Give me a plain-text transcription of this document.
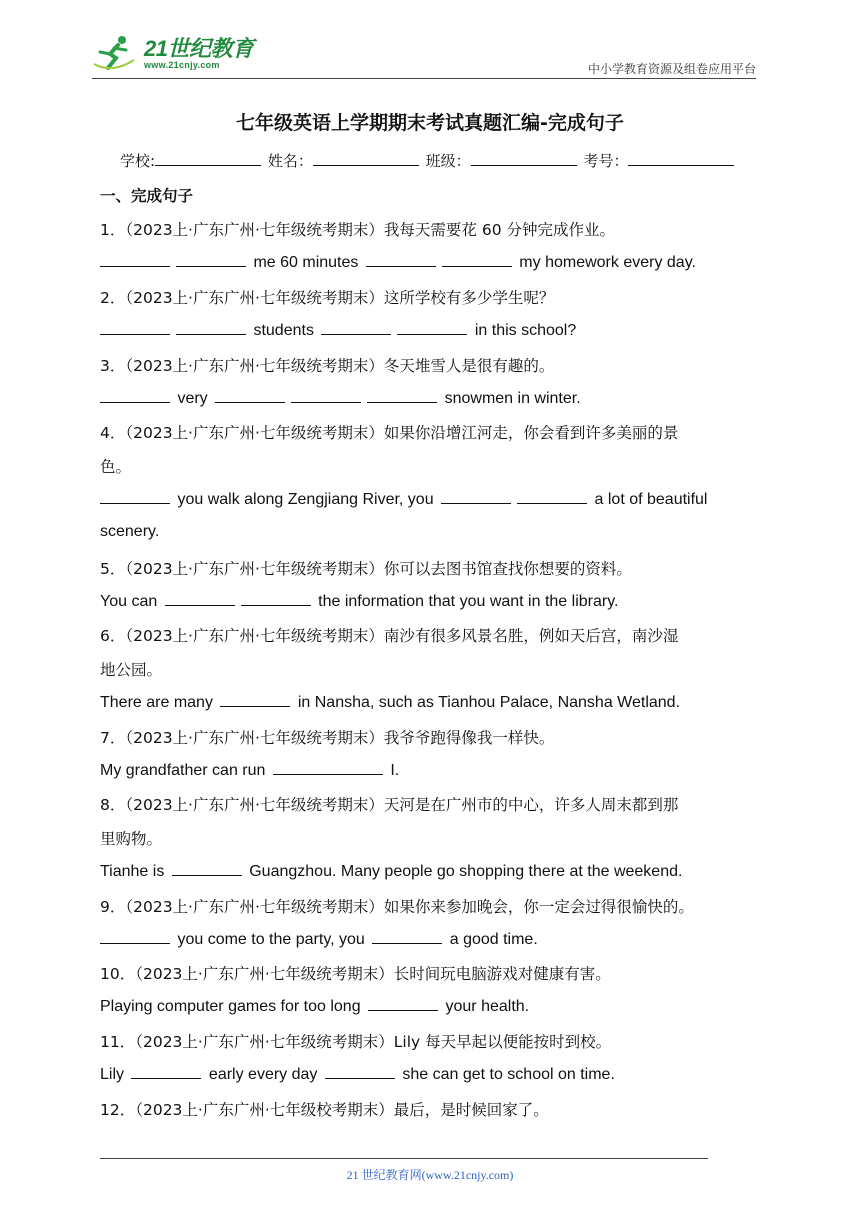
21世纪教育
www.21cnjy.com	中小学教育资源及组卷应用平台
七年级英语上学期期末考试真题汇编-完成句子
学校:	姓名：	班级：	考号：
一、完成句子
1．（2023上·广东广州·七年级统考期末）我每天需要花 60 分钟完成作业。
me 60 minutes	my homework every day.
2．（2023上·广东广州·七年级统考期末）这所学校有多少学生呢？
students	in this school?
3．（2023上·广东广州·七年级统考期末）冬天堆雪人是很有趣的。
very	snowmen in winter.
4．（2023上·广东广州·七年级统考期末）如果你沿增江河走，你会看到许多美丽的景
色。
you walk along Zengjiang River, you	a lot of beautiful
scenery.
5．（2023上·广东广州·七年级统考期末）你可以去图书馆查找你想要的资料。
You can	the information that you want in the library.
6．（2023上·广东广州·七年级统考期末）南沙有很多风景名胜，例如天后宫，南沙湿
地公园。
There are many	in Nansha, such as Tianhou Palace, Nansha Wetland.
7．（2023上·广东广州·七年级统考期末）我爷爷跑得像我一样快。
My grandfather can run	I.
8．（2023上·广东广州·七年级统考期末）天河是在广州市的中心，许多人周末都到那
里购物。
Tianhe is	Guangzhou. Many people go shopping there at the weekend.
9．（2023上·广东广州·七年级统考期末）如果你来参加晚会，你一定会过得很愉快的。
you come to the party, you	a good time.
10．（2023上·广东广州·七年级统考期末）长时间玩电脑游戏对健康有害。
Playing computer games for too long	your health.
11．（2023上·广东广州·七年级统考期末）Lily 每天早起以便能按时到校。
Lily	early every day	she can get to school on time.
12．（2023上·广东广州·七年级校考期末）最后，是时候回家了。
21 世纪教育网(www.21cnjy.com)
